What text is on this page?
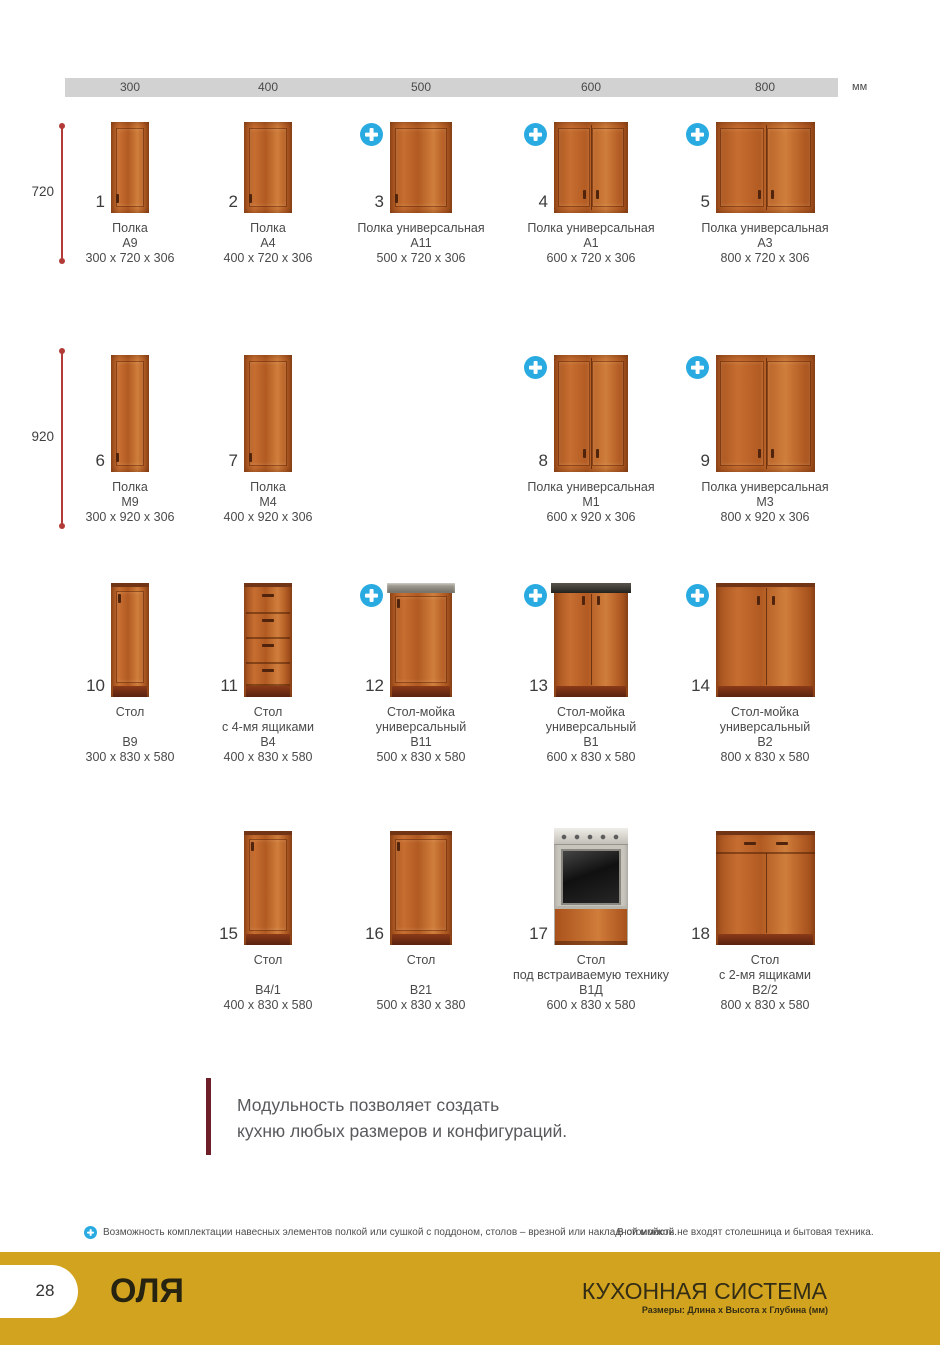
300	400	500	600	800	мм
720
920
1
Полка
А9
300 х 720 х 306
2
Полка
А4
400 х 720 х 306
3
Полка универсальная
А11
500 х 720 х 306
4
Полка универсальная
А1
600 х 720 х 306
5
Полка универсальная
А3
800 х 720 х 306
6
Полка
М9
300 х 920 х 306
7
Полка
М4
400 х 920 х 306
8
Полка универсальная
М1
600 х 920 х 306
9
Полка универсальная
М3
800 х 920 х 306
10
Стол
В9
300 х 830 х 580
11
Стол
с 4-мя ящиками
В4
400 х 830 х 580
12
Стол-мойка
универсальный
В11
500 х 830 х 580
13
Стол-мойка
универсальный
В1
600 х 830 х 580
14
Стол-мойка
универсальный
В2
800 х 830 х 580
15
Стол
В4/1
400 х 830 х 580
16
Стол
В21
500 х 830 х 380
17
Стол
под встраиваемую технику
В1Д
600 х 830 х 580
18
Стол
с 2-мя ящиками
В2/2
800 х 830 х 580
Модульность позволяет создать
кухню любых размеров и конфигураций.
Возможность комплектации навесных элементов полкой или сушкой с поддоном, столов – врезной или накладной мойкой.
В стоимость не входят столешница и бытовая техника.
28	ОЛЯ	КУХОННАЯ СИСТЕМА
Размеры: Длина х Высота х Глубина (мм)
